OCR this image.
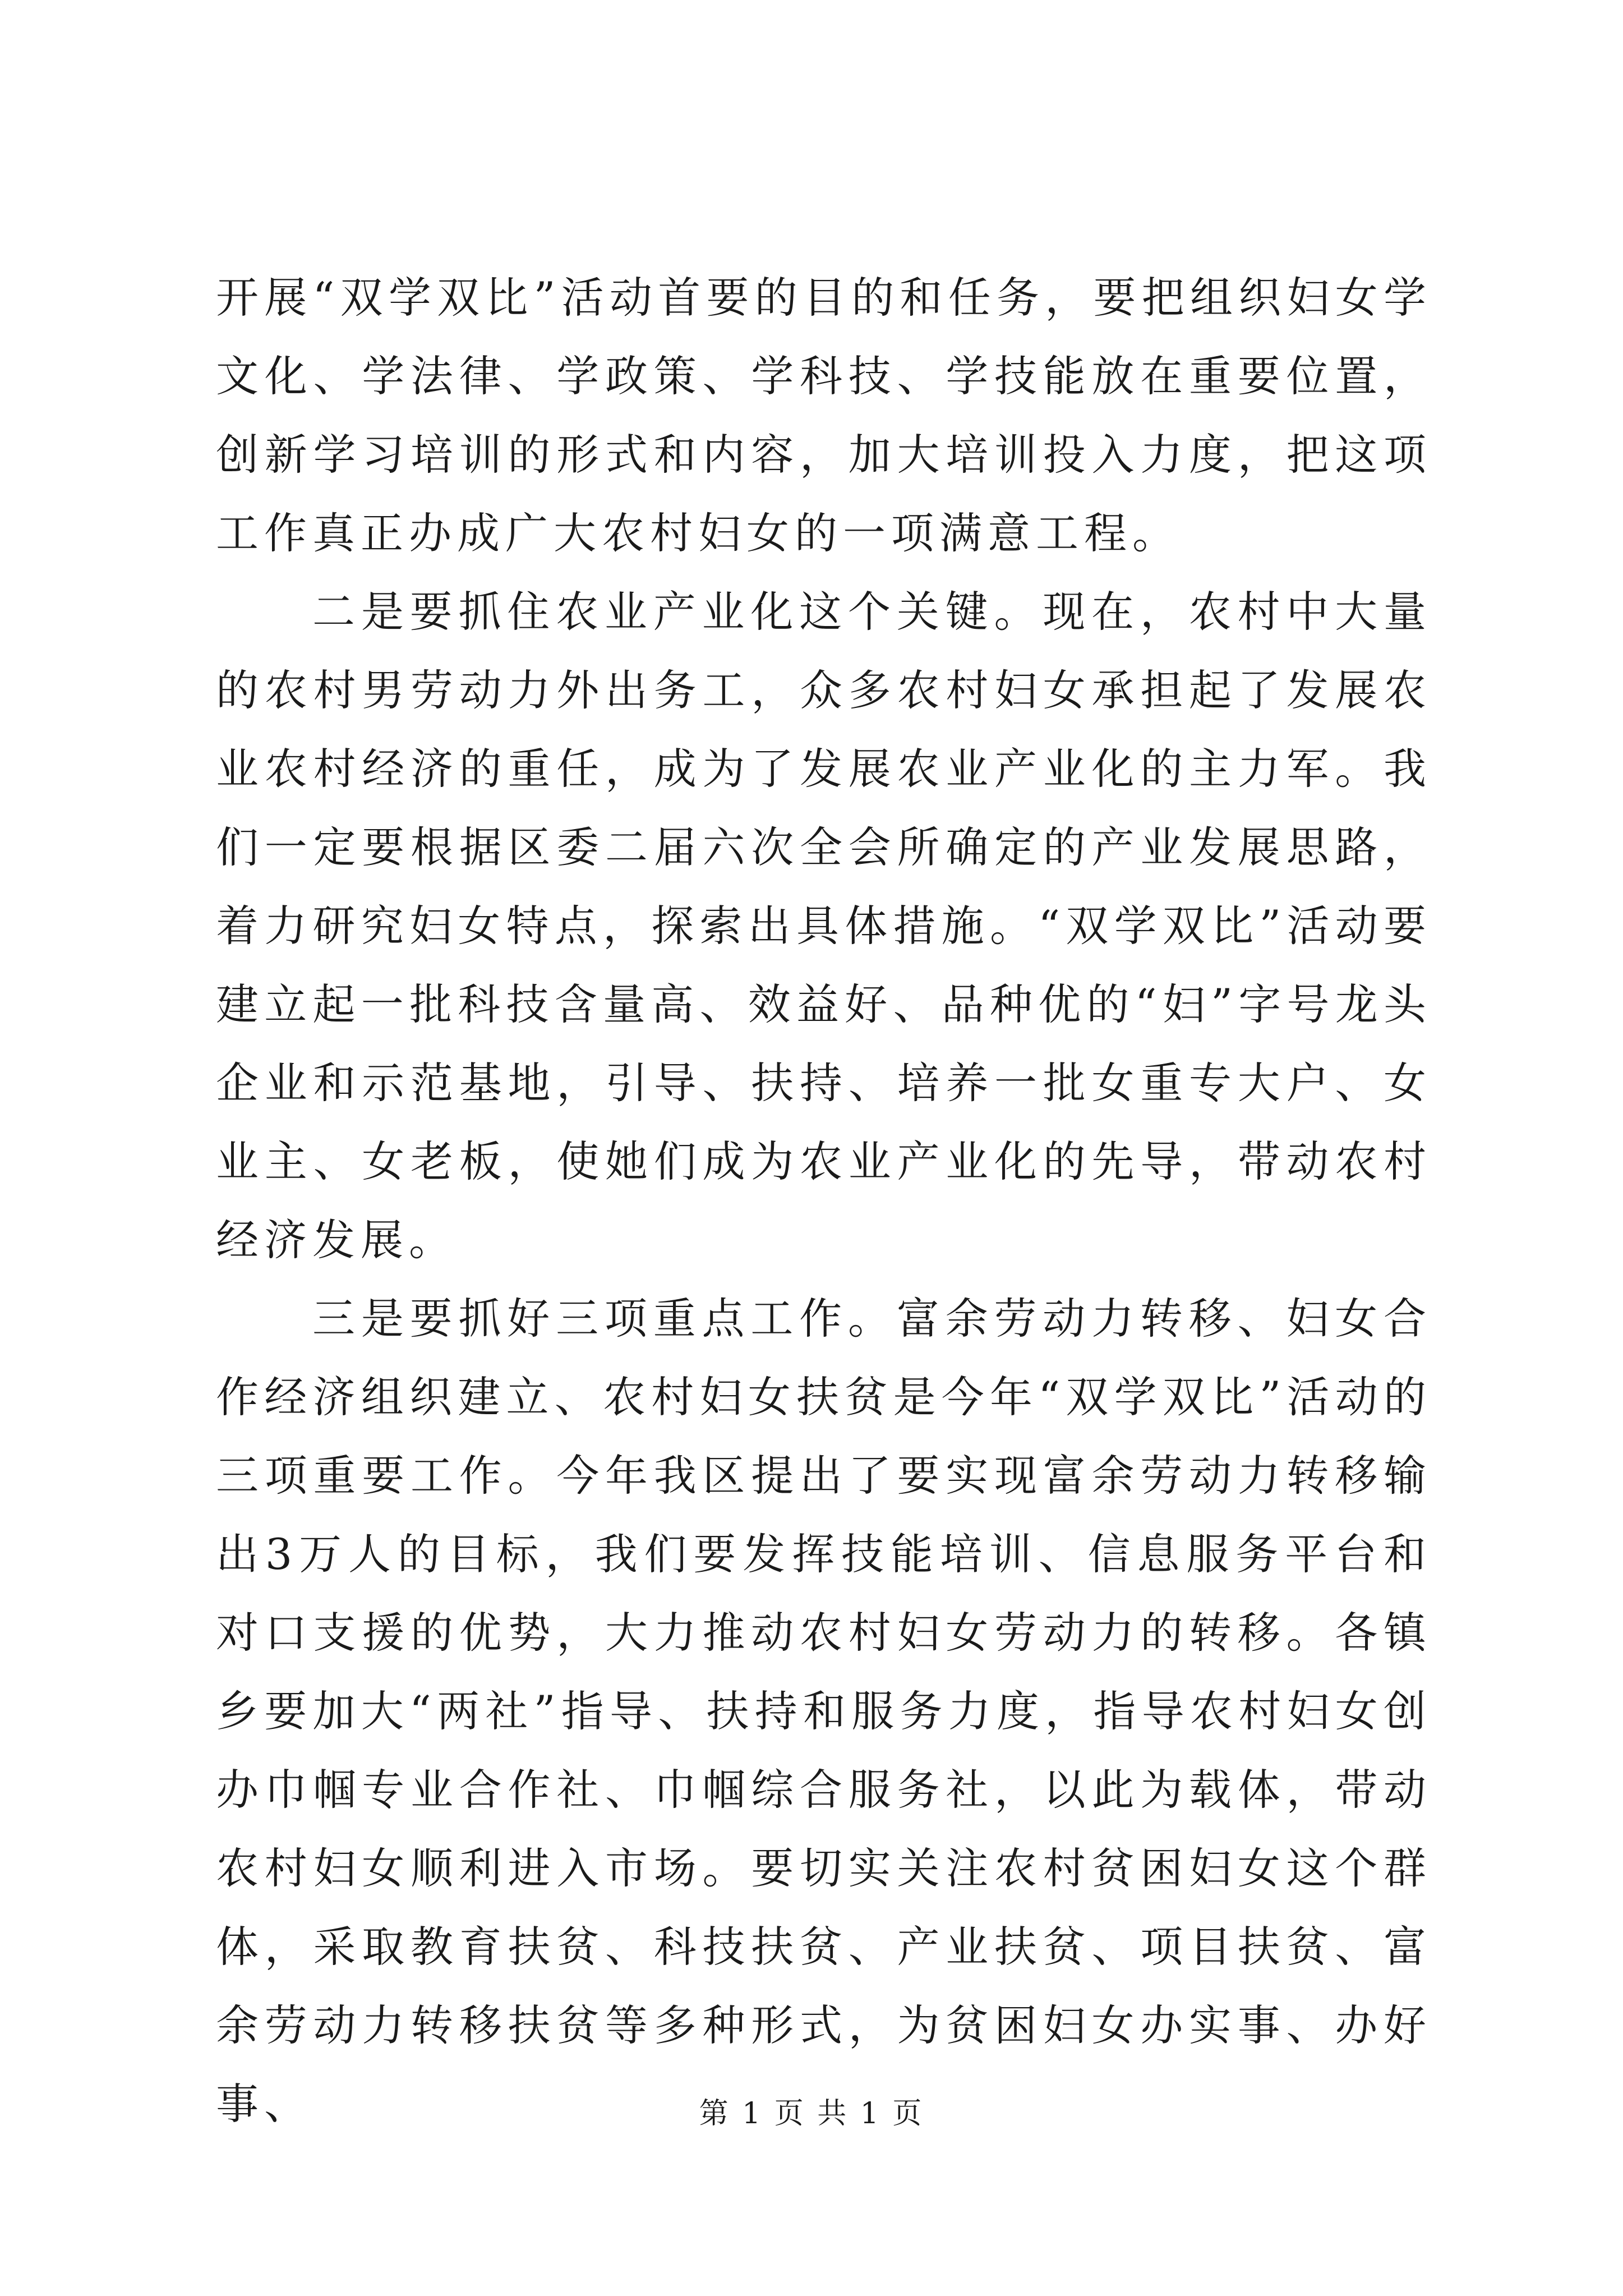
开展“双学双比”活动首要的目的和任务，要把组织妇女学文化、学法律、学政策、学科技、学技能放在重要位置，创新学习培训的形式和内容，加大培训投入力度，把这项工作真正办成广大农村妇女的一项满意工程。

二是要抓住农业产业化这个关键。现在，农村中大量的农村男劳动力外出务工，众多农村妇女承担起了发展农业农村经济的重任，成为了发展农业产业化的主力军。我们一定要根据区委二届六次全会所确定的产业发展思路，着力研究妇女特点，探索出具体措施。“双学双比”活动要建立起一批科技含量高、效益好、品种优的“妇”字号龙头企业和示范基地，引导、扶持、培养一批女重专大户、女业主、女老板，使她们成为农业产业化的先导，带动农村经济发展。

三是要抓好三项重点工作。富余劳动力转移、妇女合作经济组织建立、农村妇女扶贫是今年“双学双比”活动的三项重要工作。今年我区提出了要实现富余劳动力转移输出3万人的目标，我们要发挥技能培训、信息服务平台和对口支援的优势，大力推动农村妇女劳动力的转移。各镇乡要加大“两社”指导、扶持和服务力度，指导农村妇女创办巾帼专业合作社、巾帼综合服务社，以此为载体，带动农村妇女顺利进入市场。要切实关注农村贫困妇女这个群体，采取教育扶贫、科技扶贫、产业扶贫、项目扶贫、富余劳动力转移扶贫等多种形式，为贫困妇女办实事、办好事、	第 1 页 共 1 页
